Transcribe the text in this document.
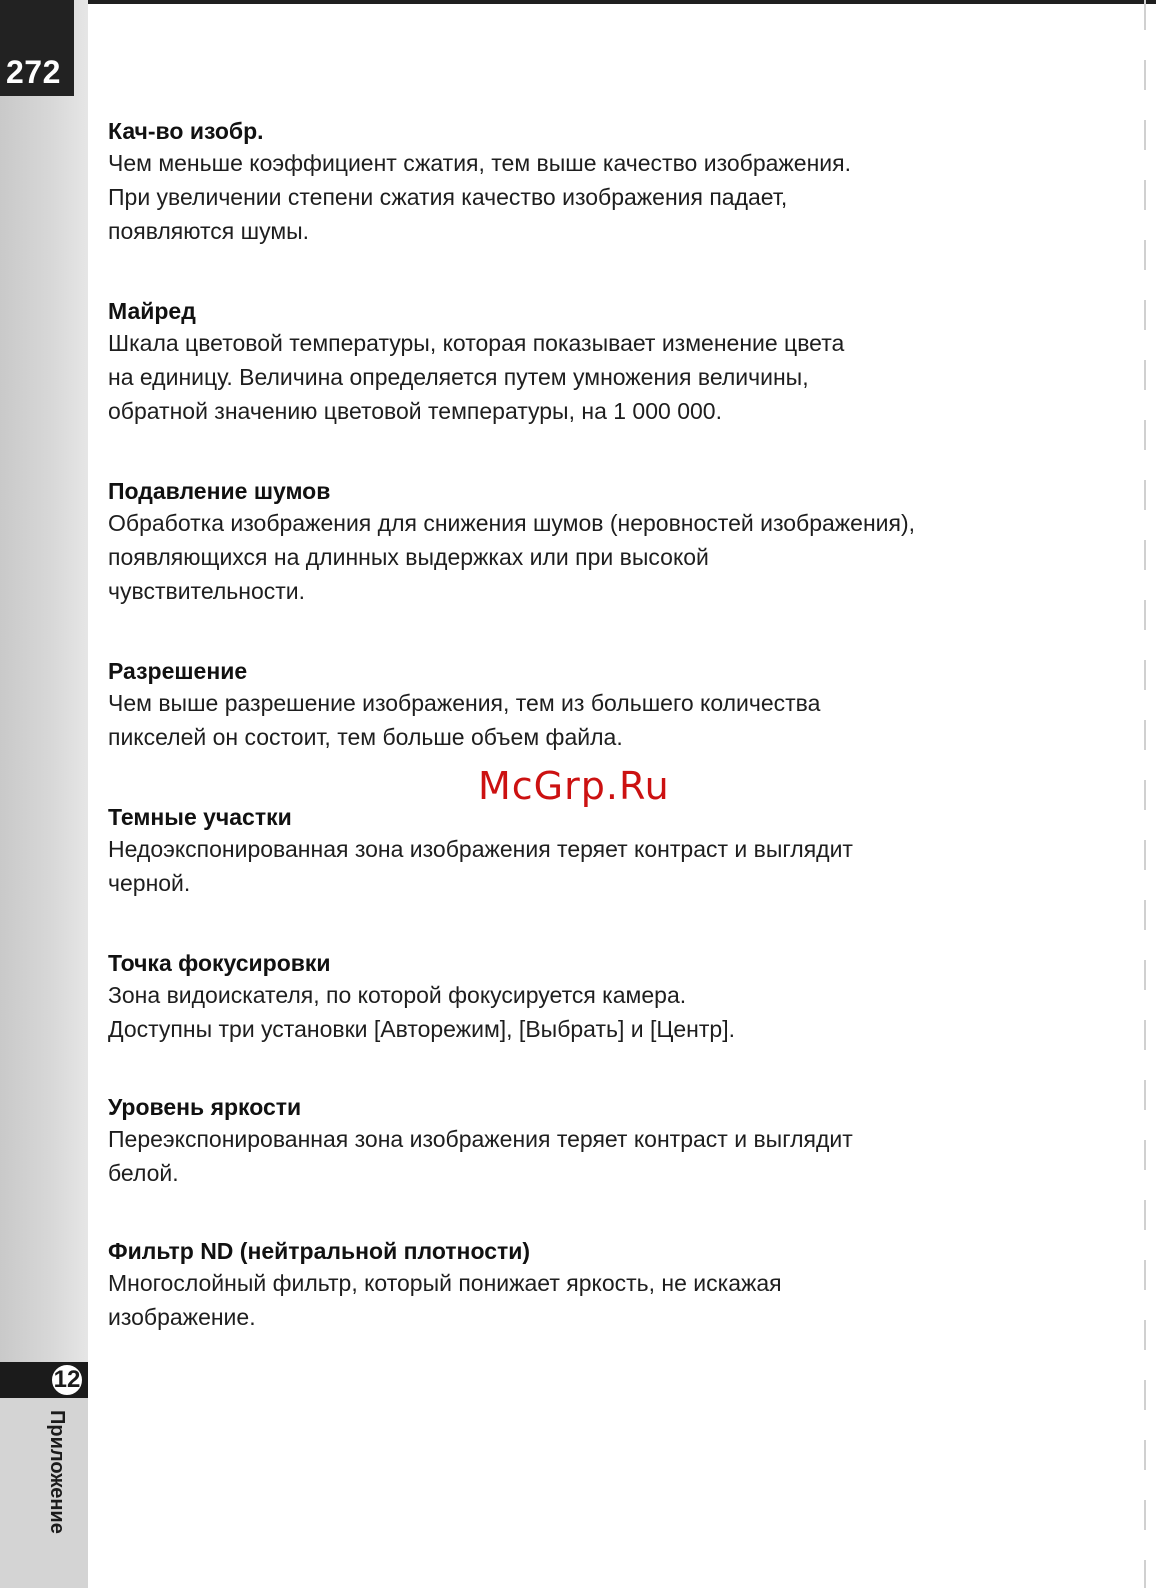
272
12
Приложение
Кач-во изобр.
Чем меньше коэффициент сжатия, тем выше качество изображения.
При увеличении степени сжатия качество изображения падает,
появляются шумы.
Майред
Шкала цветовой температуры, которая показывает изменение цвета
на единицу. Величина определяется путем умножения величины,
обратной значению цветовой температуры, на 1 000 000.
Подавление шумов
Обработка изображения для снижения шумов (неровностей изображения),
появляющихся на длинных выдержках или при высокой
чувствительности.
Разрешение
Чем выше разрешение изображения, тем из большего количества
пикселей он состоит, тем больше объем файла.
Темные участки
Недоэкспонированная зона изображения теряет контраст и выглядит
черной.
Точка фокусировки
Зона видоискателя, по которой фокусируется камера.
Доступны три установки [Авторежим], [Выбрать] и [Центр].
Уровень яркости
Переэкспонированная зона изображения теряет контраст и выглядит
белой.
Фильтр ND (нейтральной плотности)
Многослойный фильтр, который понижает яркость, не искажая
изображение.
McGrp.Ru
